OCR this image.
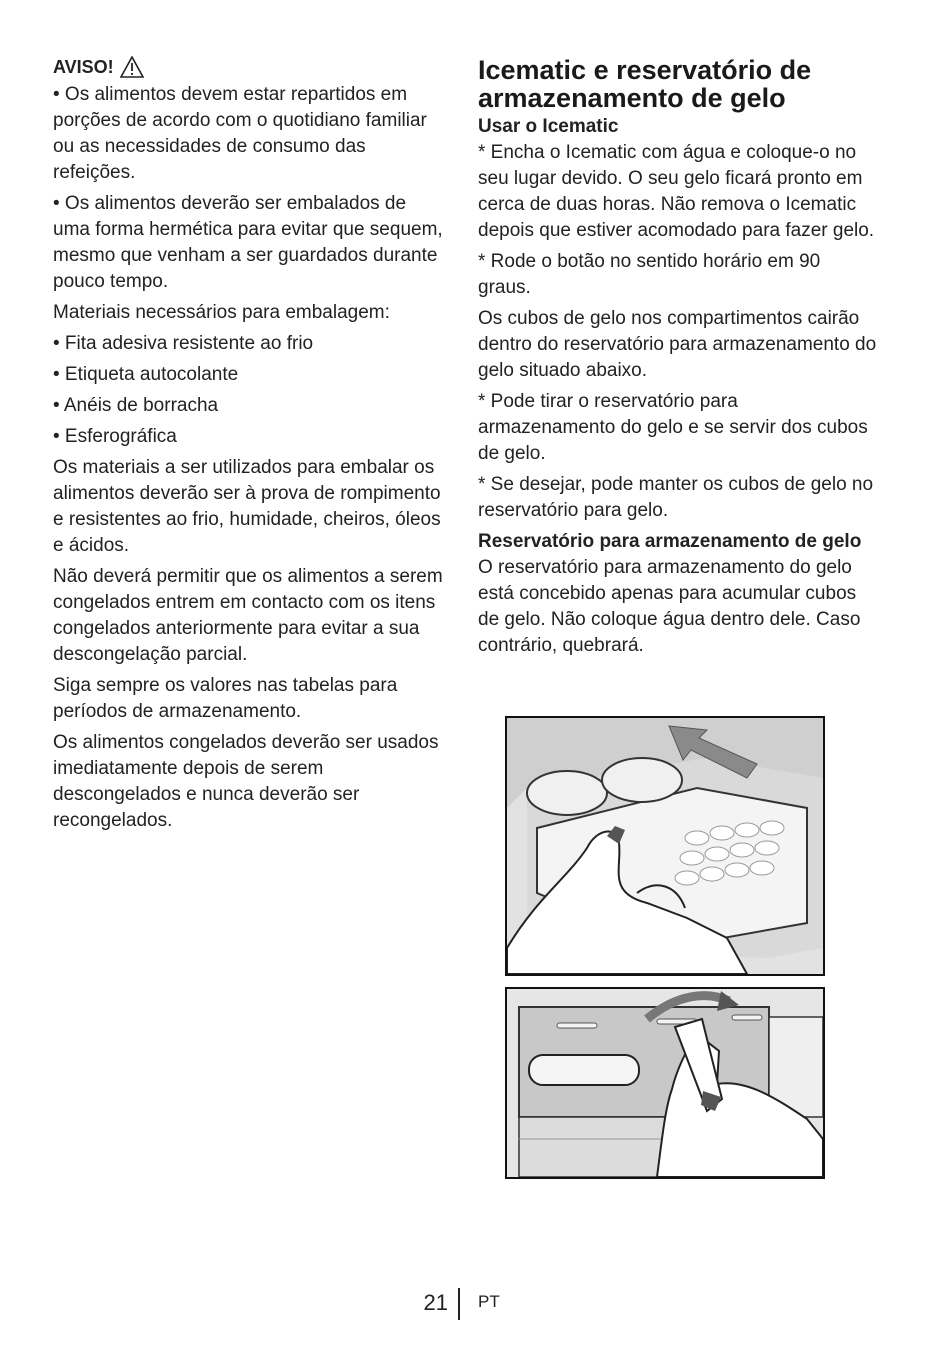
AVISO!

• Os alimentos devem estar repartidos em porções de acordo com o quotidiano familiar ou as necessidades de consumo das refeições.

• Os alimentos deverão ser embalados de uma forma hermética para evitar que sequem, mesmo que venham a ser guardados durante pouco tempo.

Materiais necessários para embalagem:

• Fita adesiva resistente ao frio

• Etiqueta autocolante

• Anéis de borracha

• Esferográfica

Os materiais a ser utilizados para embalar os alimentos deverão ser à prova de rompimento e resistentes ao frio, humidade, cheiros, óleos e ácidos.

Não deverá permitir que os alimentos a serem congelados entrem em contacto com os itens congelados anteriormente para evitar a sua descongelação parcial.

Siga sempre os valores nas tabelas para períodos de armazenamento.

Os alimentos congelados deverão ser usados imediatamente depois de serem descongelados e nunca deverão ser recongelados.

Icematic e reservatório de armazenamento de gelo
Usar o Icematic

* Encha o Icematic com água e coloque-o no seu lugar devido. O seu gelo ficará pronto em cerca de duas horas. Não remova o Icematic depois que estiver acomodado para fazer gelo.

* Rode o botão no sentido horário em 90 graus.

Os cubos de gelo nos compartimentos cairão dentro do reservatório para armazenamento do gelo situado abaixo.

* Pode tirar o reservatório para armazenamento do gelo e se servir dos cubos de gelo.

* Se desejar, pode manter os cubos de gelo no reservatório para gelo.

Reservatório para armazenamento de gelo

O reservatório para armazenamento do gelo está concebido apenas para acumular cubos de gelo. Não coloque água dentro dele. Caso contrário, quebrará.

21 PT
